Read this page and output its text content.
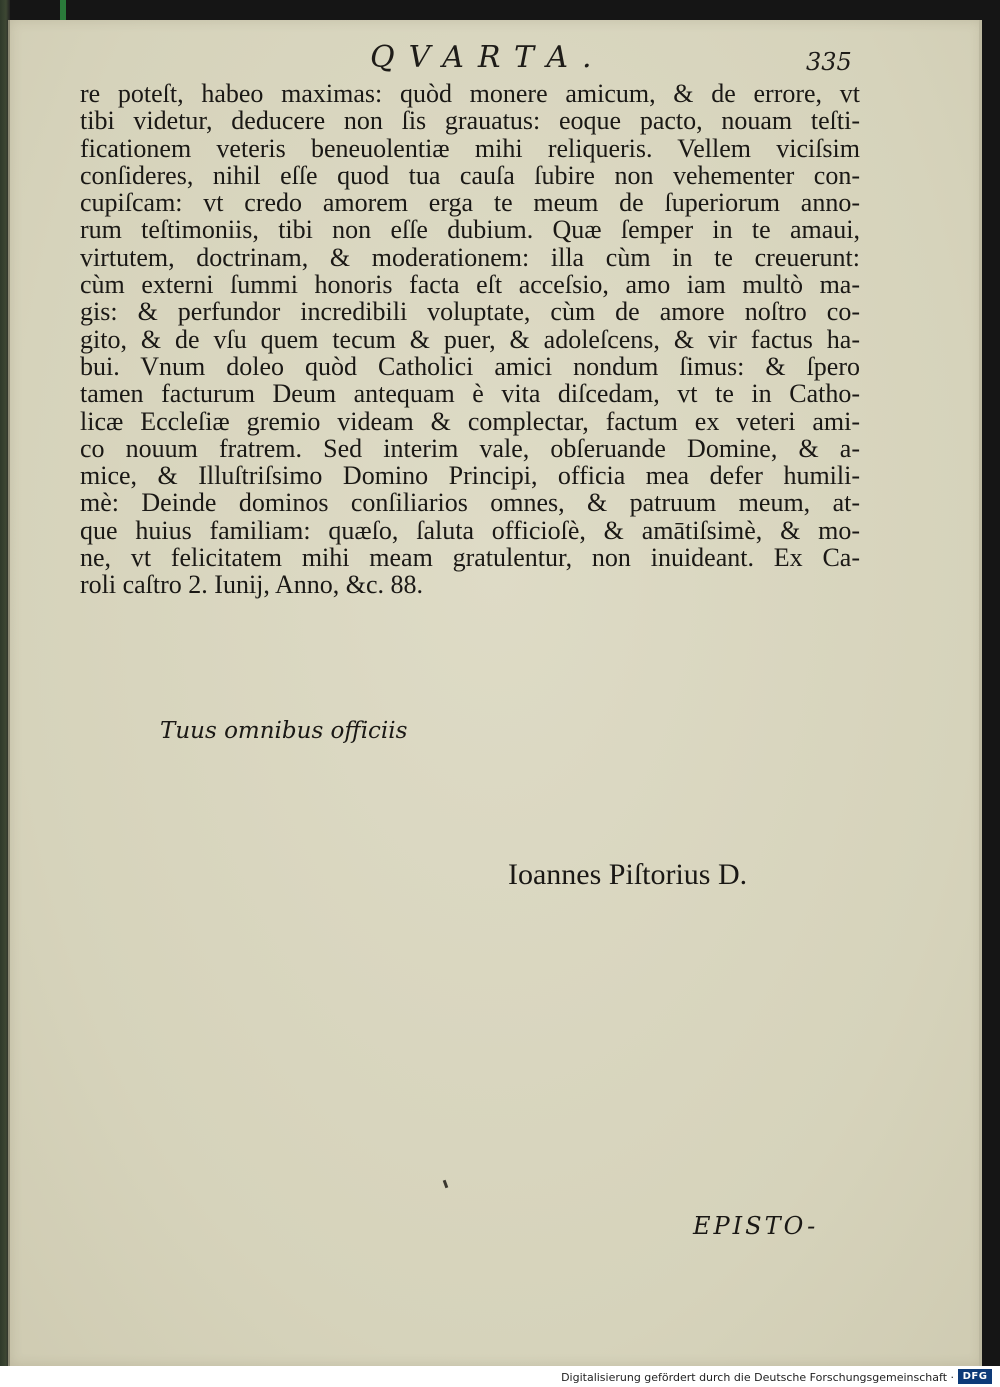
QVARTA.	335
re poteſt, habeo maximas: quòd monere amicum, & de errore, vt
tibi videtur, deducere non ſis grauatus: eoque pacto, nouam teſti-
ficationem veteris beneuolentiæ mihi reliqueris. Vellem viciſsim
conſideres, nihil eſſe quod tua cauſa ſubire non vehementer con-
cupiſcam: vt credo amorem erga te meum de ſuperiorum anno-
rum teſtimoniis, tibi non eſſe dubium. Quæ ſemper in te amaui,
virtutem, doctrinam, & moderationem: illa cùm in te creuerunt:
cùm externi ſummi honoris facta eſt acceſsio, amo iam multò ma-
gis: & perfundor incredibili voluptate, cùm de amore noſtro co-
gito, & de vſu quem tecum & puer, & adoleſcens, & vir factus ha-
bui. Vnum doleo quòd Catholici amici nondum ſimus: & ſpero
tamen facturum Deum antequam è vita diſcedam, vt te in Catho-
licæ Eccleſiæ gremio videam & complectar, factum ex veteri ami-
co nouum fratrem. Sed interim vale, obſeruande Domine, & a-
mice, & Illuſtriſsimo Domino Principi, officia mea defer humili-
mè: Deinde dominos conſiliarios omnes, & patruum meum, at-
que huius familiam: quæſo, ſaluta officioſè, & amātiſsimè, & mo-
ne, vt felicitatem mihi meam gratulentur, non inuideant. Ex Ca-
roli caſtro 2. Iunij, Anno, &c. 88.
Tuus omnibus officiis
Ioannes Piſtorius D.
EPISTO-
Digitalisierung gefördert durch die Deutsche Forschungsgemeinschaft · DFG
